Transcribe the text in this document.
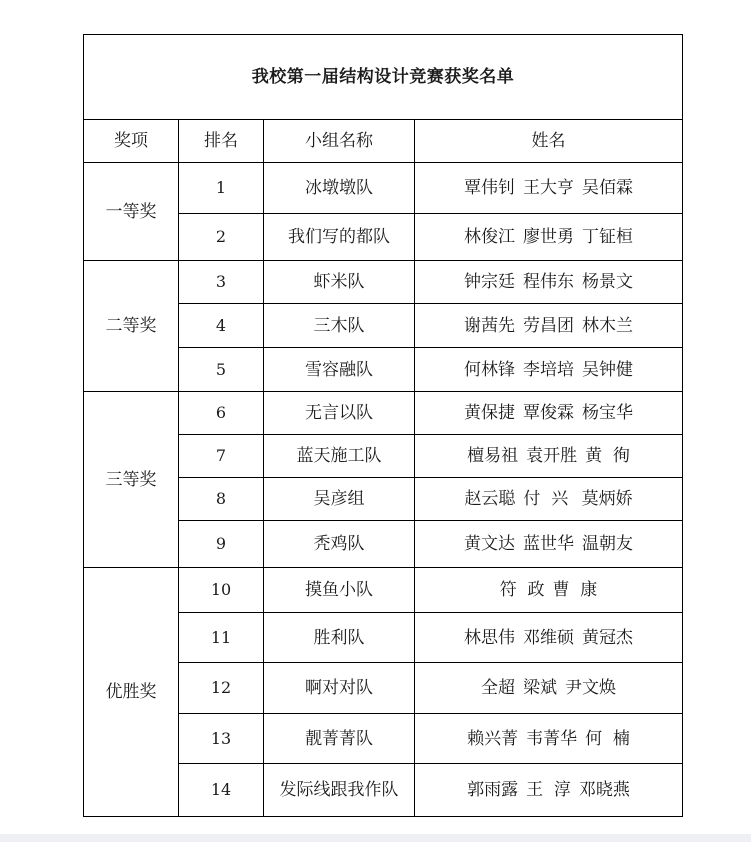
我校第一届结构设计竞赛获奖名单			
奖项	排名	小组名称	姓名
一等奖	1	冰墩墩队	覃伟钊 王大亨 吴佰霖
	2	我们写的都队	林俊江 廖世勇 丁钲桓
二等奖	3	虾米队	钟宗廷 程伟东 杨景文
	4	三木队	谢茜先 劳昌团 林木兰
	5	雪容融队	何林锋 李培培 吴钟健
三等奖	6	无言以队	黄保捷 覃俊霖 杨宝华
	7	蓝天施工队	檀易祖 袁开胜 黄  徇
	8	吴彦组	赵云聪 付  兴 莫炳娇
	9	秃鸡队	黄文达 蓝世华 温朝友
优胜奖	10	摸鱼小队	符  政 曹  康
	11	胜利队	林思伟 邓维硕 黄冠杰
	12	啊对对队	全超 梁斌 尹文焕
	13	靓菁菁队	赖兴菁 韦菁华 何  楠
	14	发际线跟我作队	郭雨露 王  淳 邓晓燕
